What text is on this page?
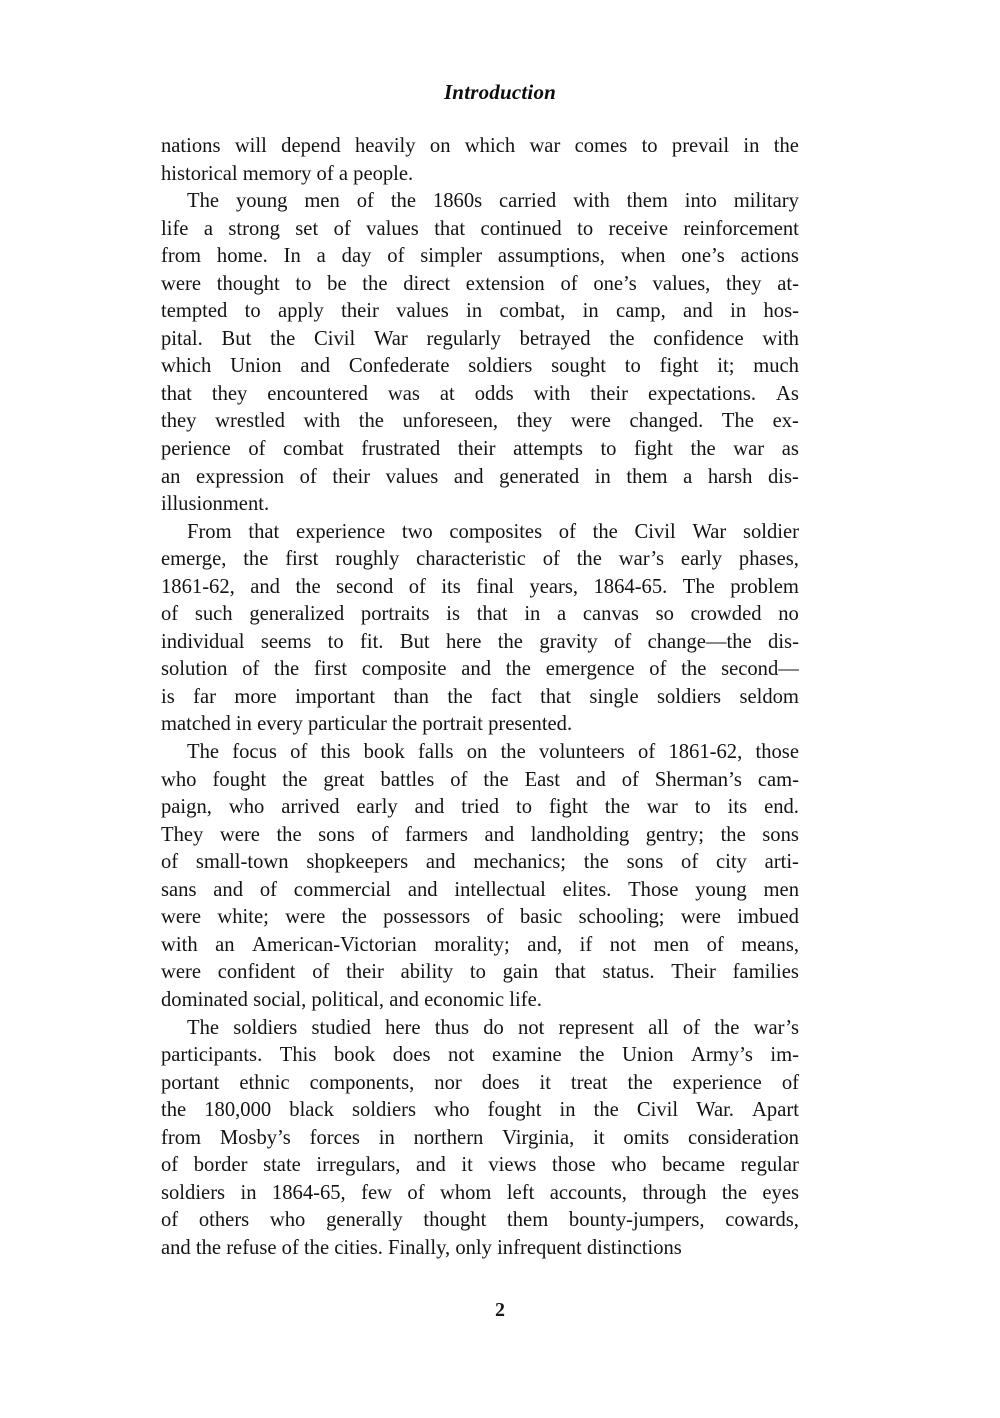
Introduction

nations will depend heavily on which war comes to prevail in the
historical memory of a people.

The young men of the 1860s carried with them into military
life a strong set of values that continued to receive reinforcement
from home. In a day of simpler assumptions, when one’s actions
were thought to be the direct extension of one’s values, they at-
tempted to apply their values in combat, in camp, and in hos-
pital. But the Civil War regularly betrayed the confidence with
which Union and Confederate soldiers sought to fight it; much
that they encountered was at odds with their expectations. As
they wrestled with the unforeseen, they were changed. The ex-
perience of combat frustrated their attempts to fight the war as
an expression of their values and generated in them a harsh dis-
illusionment.

From that experience two composites of the Civil War soldier
emerge, the first roughly characteristic of the war’s early phases,
1861-62, and the second of its final years, 1864-65. The problem
of such generalized portraits is that in a canvas so crowded no
individual seems to fit. But here the gravity of change—the dis-
solution of the first composite and the emergence of the second—
is far more important than the fact that single soldiers seldom
matched in every particular the portrait presented.

The focus of this book falls on the volunteers of 1861-62, those
who fought the great battles of the East and of Sherman’s cam-
paign, who arrived early and tried to fight the war to its end.
They were the sons of farmers and landholding gentry; the sons
of small-town shopkeepers and mechanics; the sons of city arti-
sans and of commercial and intellectual elites. Those young men
were white; were the possessors of basic schooling; were imbued
with an American-Victorian morality; and, if not men of means,
were confident of their ability to gain that status. Their families
dominated social, political, and economic life.

The soldiers studied here thus do not represent all of the war’s
participants. This book does not examine the Union Army’s im-
portant ethnic components, nor does it treat the experience of
the 180,000 black soldiers who fought in the Civil War. Apart
from Mosby’s forces in northern Virginia, it omits consideration
of border state irregulars, and it views those who became regular
soldiers in 1864-65, few of whom left accounts, through the eyes
of others who generally thought them bounty-jumpers, cowards,
and the refuse of the cities. Finally, only infrequent distinctions

2
